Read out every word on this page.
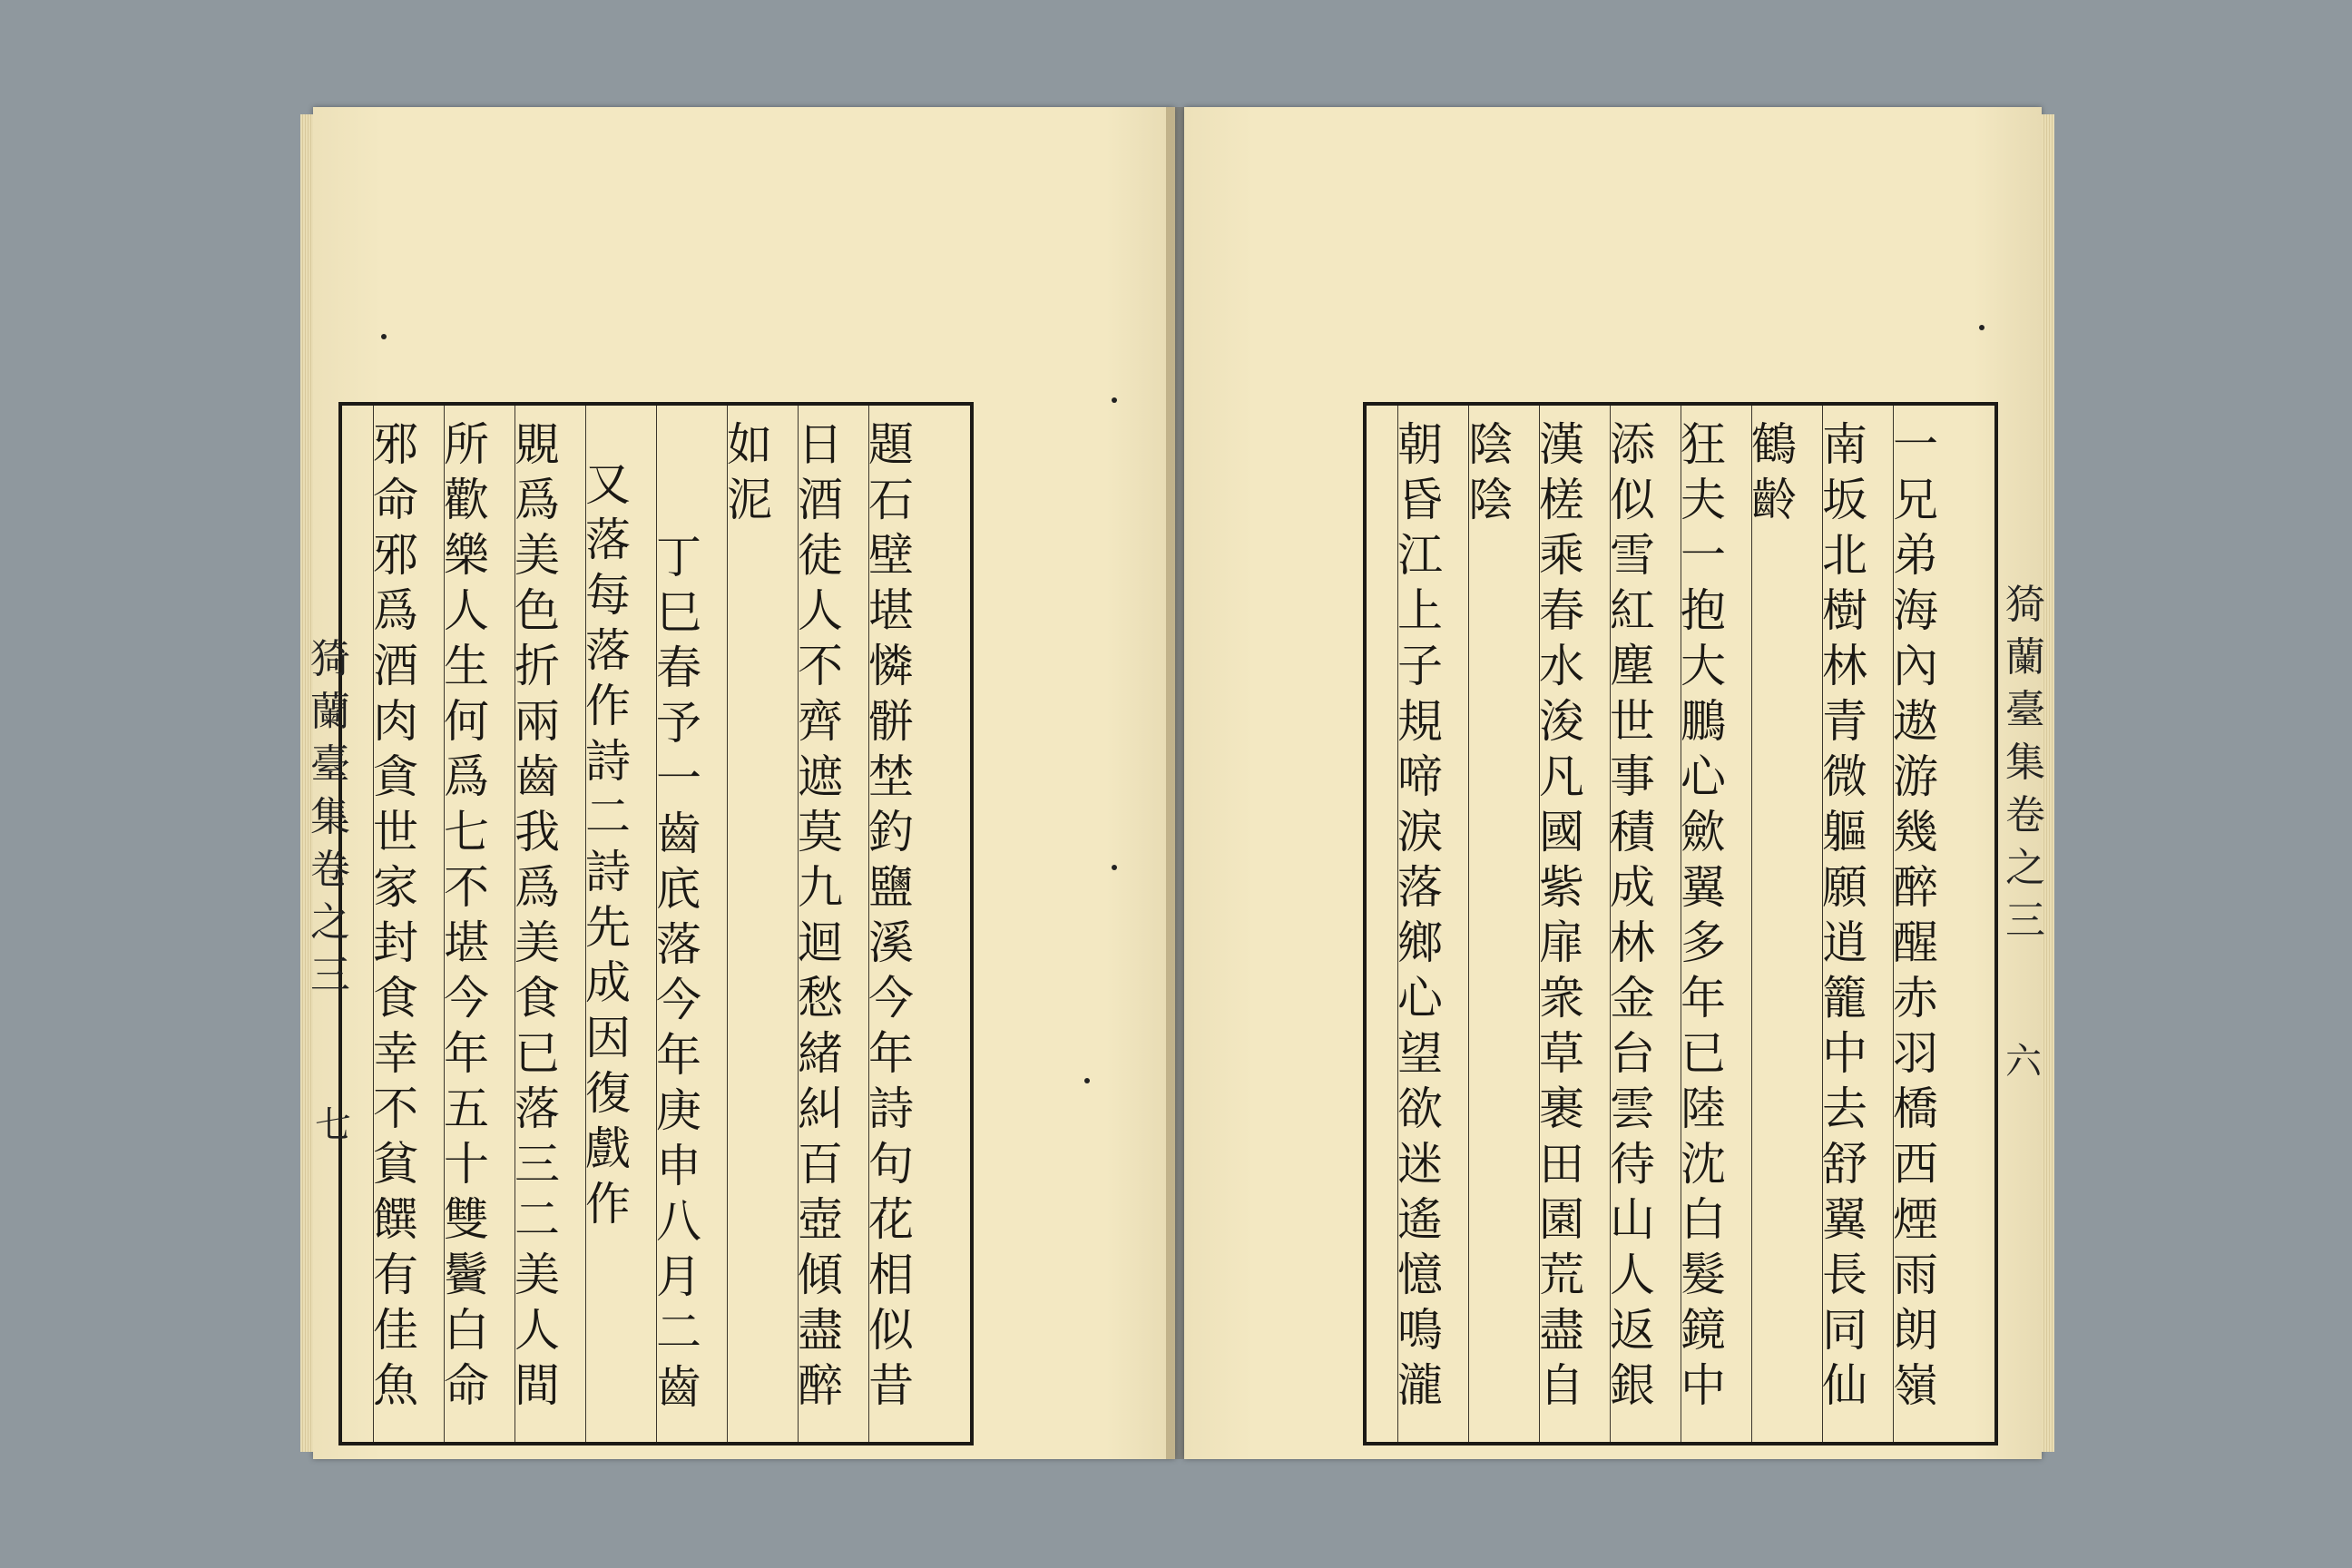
題
石
壁
堪
憐
骿
埜
釣
鹽
溪
今
年
詩
句
花
相
似
昔
日
酒
徒
人
不
齊
遮
莫
九
迴
愁
緒
糾
百
壺
傾
盡
醉
如
泥
丁
巳
春
予
一
齒
㡳
落
今
年
庚
申
八
月
二
齒
又
落
每
落
作
詩
二
詩
先
成
因
復
戲
作
覞
爲
美
色
折
兩
齒
我
爲
美
食
已
落
三
二
美
人
間
所
歡
樂
人
生
何
爲
七
不
堪
今
年
五
十
雙
鬢
白
命
邪
命
邪
爲
酒
肉
貪
世
家
封
食
幸
不
貧
饌
有
佳
魚
猗
蘭
臺
集
卷
之
三
七
一
兄
弟
海
內
遨
游
幾
醉
醒
赤
羽
橋
西
煙
雨
朗
嶺
南
坂
北
樹
林
青
微
軀
願
逍
籠
中
去
舒
翼
長
同
仙
鶴
齡
狂
夫
一
抱
大
鵬
心
歛
翼
多
年
已
陸
沈
白
髮
鏡
中
添
似
雪
紅
塵
世
事
積
成
林
金
台
雲
待
山
人
返
銀
漢
槎
乘
春
水
浚
凡
國
紫
扉
衆
草
裹
田
園
荒
盡
自
陰
陰
朝
昏
江
上
子
規
啼
淚
落
鄉
心
望
欲
迷
遙
憶
鳴
瀧
猗
蘭
臺
集
卷
之
三
六
